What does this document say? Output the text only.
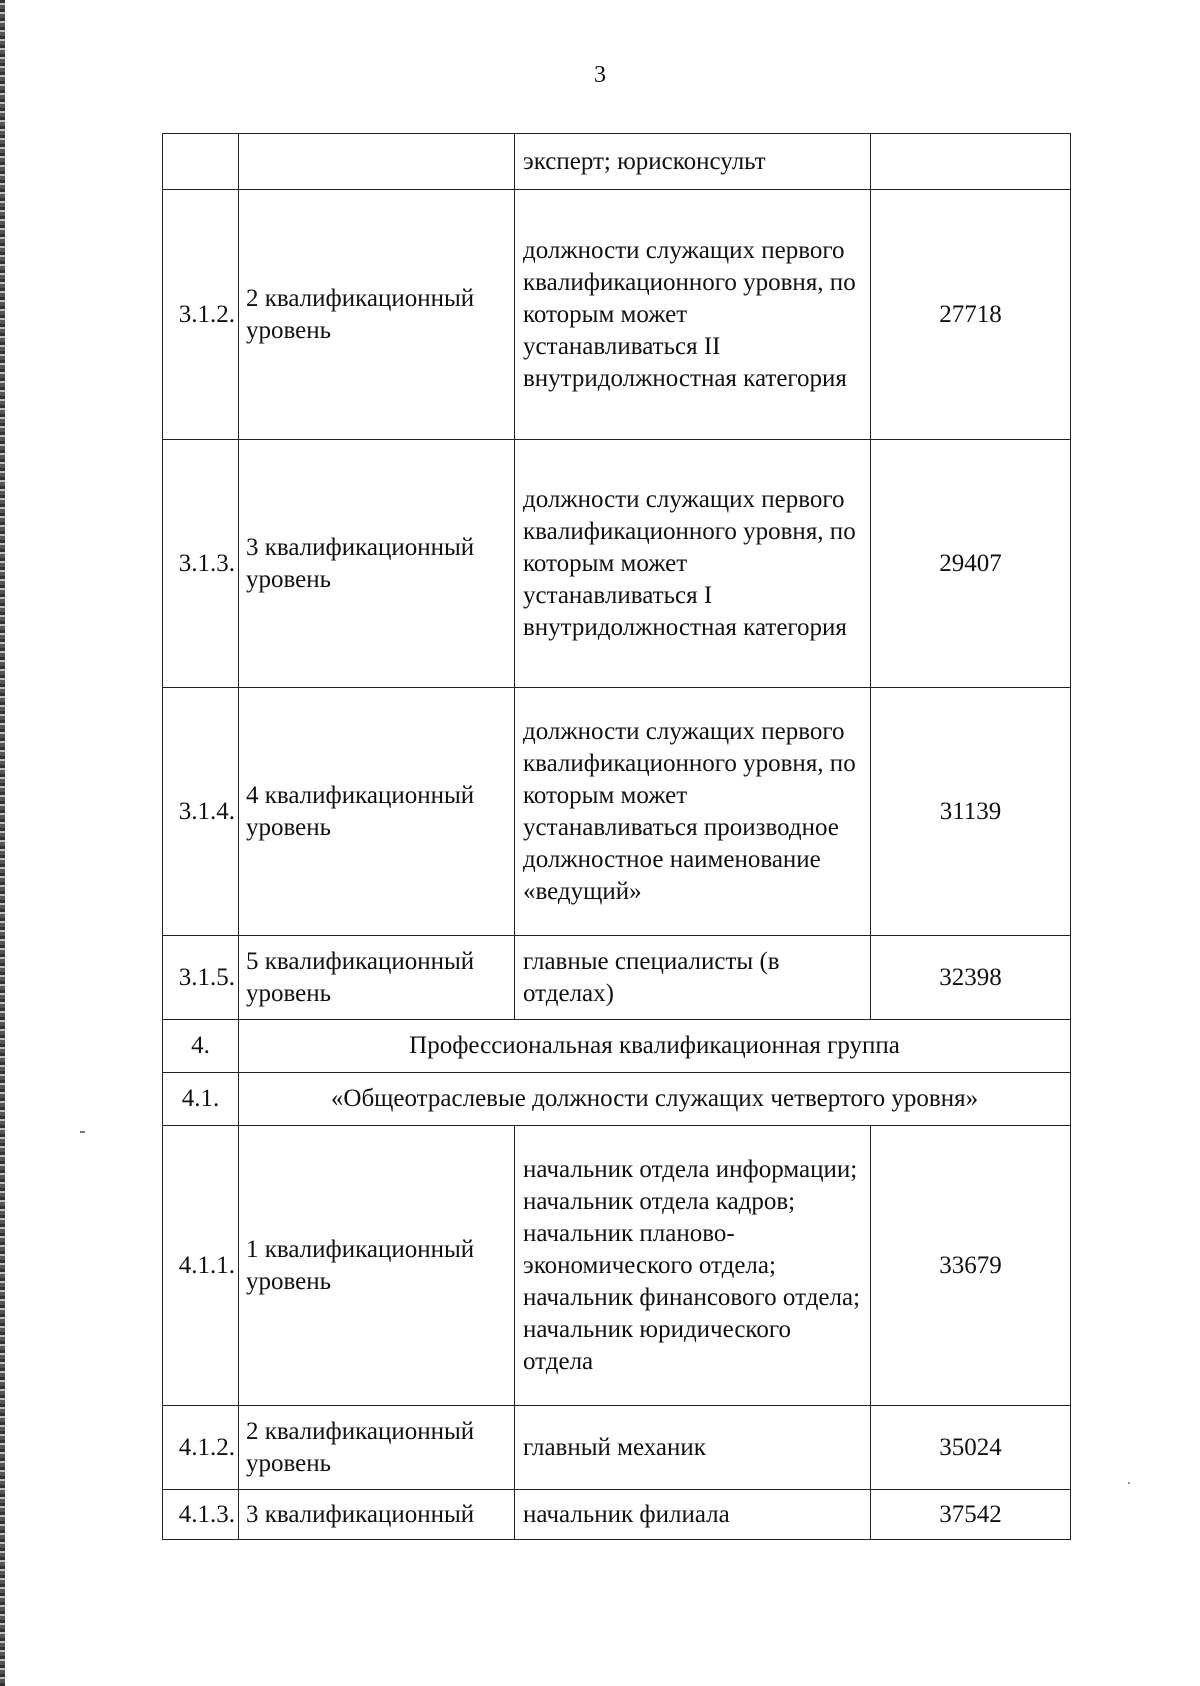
3
		эксперт; юрисконсульт	
3.1.2.	2 квалификационный уровень	должности служащих первого квалификационного уровня, по которым может устанавливаться II внутридолжностная категория	27718
3.1.3.	3 квалификационный уровень	должности служащих первого квалификационного уровня, по которым может устанавливаться I внутридолжностная категория	29407
3.1.4.	4 квалификационный уровень	должности служащих первого квалификационного уровня, по которым может устанавливаться производное должностное наименование «ведущий»	31139
3.1.5.	5 квалификационный уровень	главные специалисты (в отделах)	32398
4.	Профессиональная квалификационная группа		
4.1.	«Общеотраслевые должности служащих четвертого уровня»		
4.1.1.	1 квалификационный уровень	начальник отдела информации; начальник отдела кадров; начальник планово-экономического отдела; начальник финансового отдела; начальник юридического отдела	33679
4.1.2.	2 квалификационный уровень	главный механик	35024
4.1.3.	3 квалификационный	начальник филиала	37542
